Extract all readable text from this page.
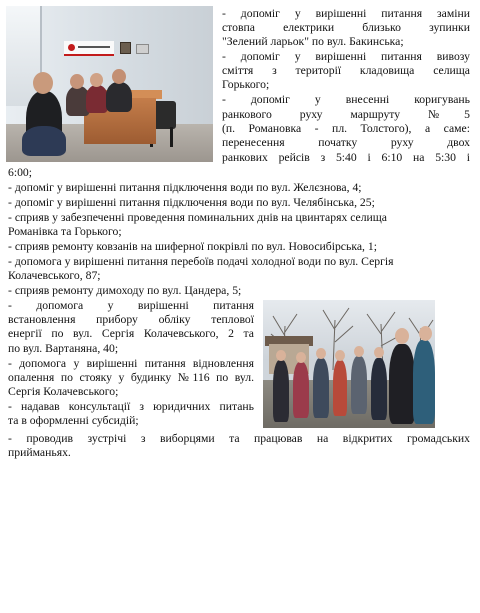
- допоміг у вирішенні питання заміни
стовпа електрики близько зупинки
"Зелений ларьок" по вул. Бакинська;
- допоміг у вирішенні питання вивозу
сміття з території кладовища селища
Горького;
- допоміг у внесенні коригувань
ранкового руху маршруту №5
(п. Романовка - пл. Толстого), а саме:
перенесення початку руху двох
ранкових рейсів з 5:40 і 6:10 на 5:30 і
6:00;
- допоміг у вирішенні питання підключення води по вул. Желєзнова, 4;
- допоміг у вирішенні питання підключення води по вул. Челябінська, 25;
- сприяв у забезпеченні проведення поминальних днів на цвинтарях селища
Романівка та Горького;
- сприяв ремонту ковзанів на шиферної покрівлі по вул. Новосибірська, 1;
- допомога у вирішенні питання перебоїв подачі холодної води по вул. Сергія
Колачевського, 87;
- сприяв ремонту димоходу по вул. Цандера, 5;
- допомога у вирішенні питання
встановлення прибору обліку теплової
енергії по вул. Сергія Колачевського, 2 та
по вул. Вартаняна, 40;
- допомога у вирішенні питання відновлення
опалення по стояку у будинку №116 по вул.
Сергія Колачевського;
- надавав консультації з юридичних питань
та в оформленні субсидій;
- проводив зустрічі з виборцями та працював на відкритих громадських
прийманьях.
